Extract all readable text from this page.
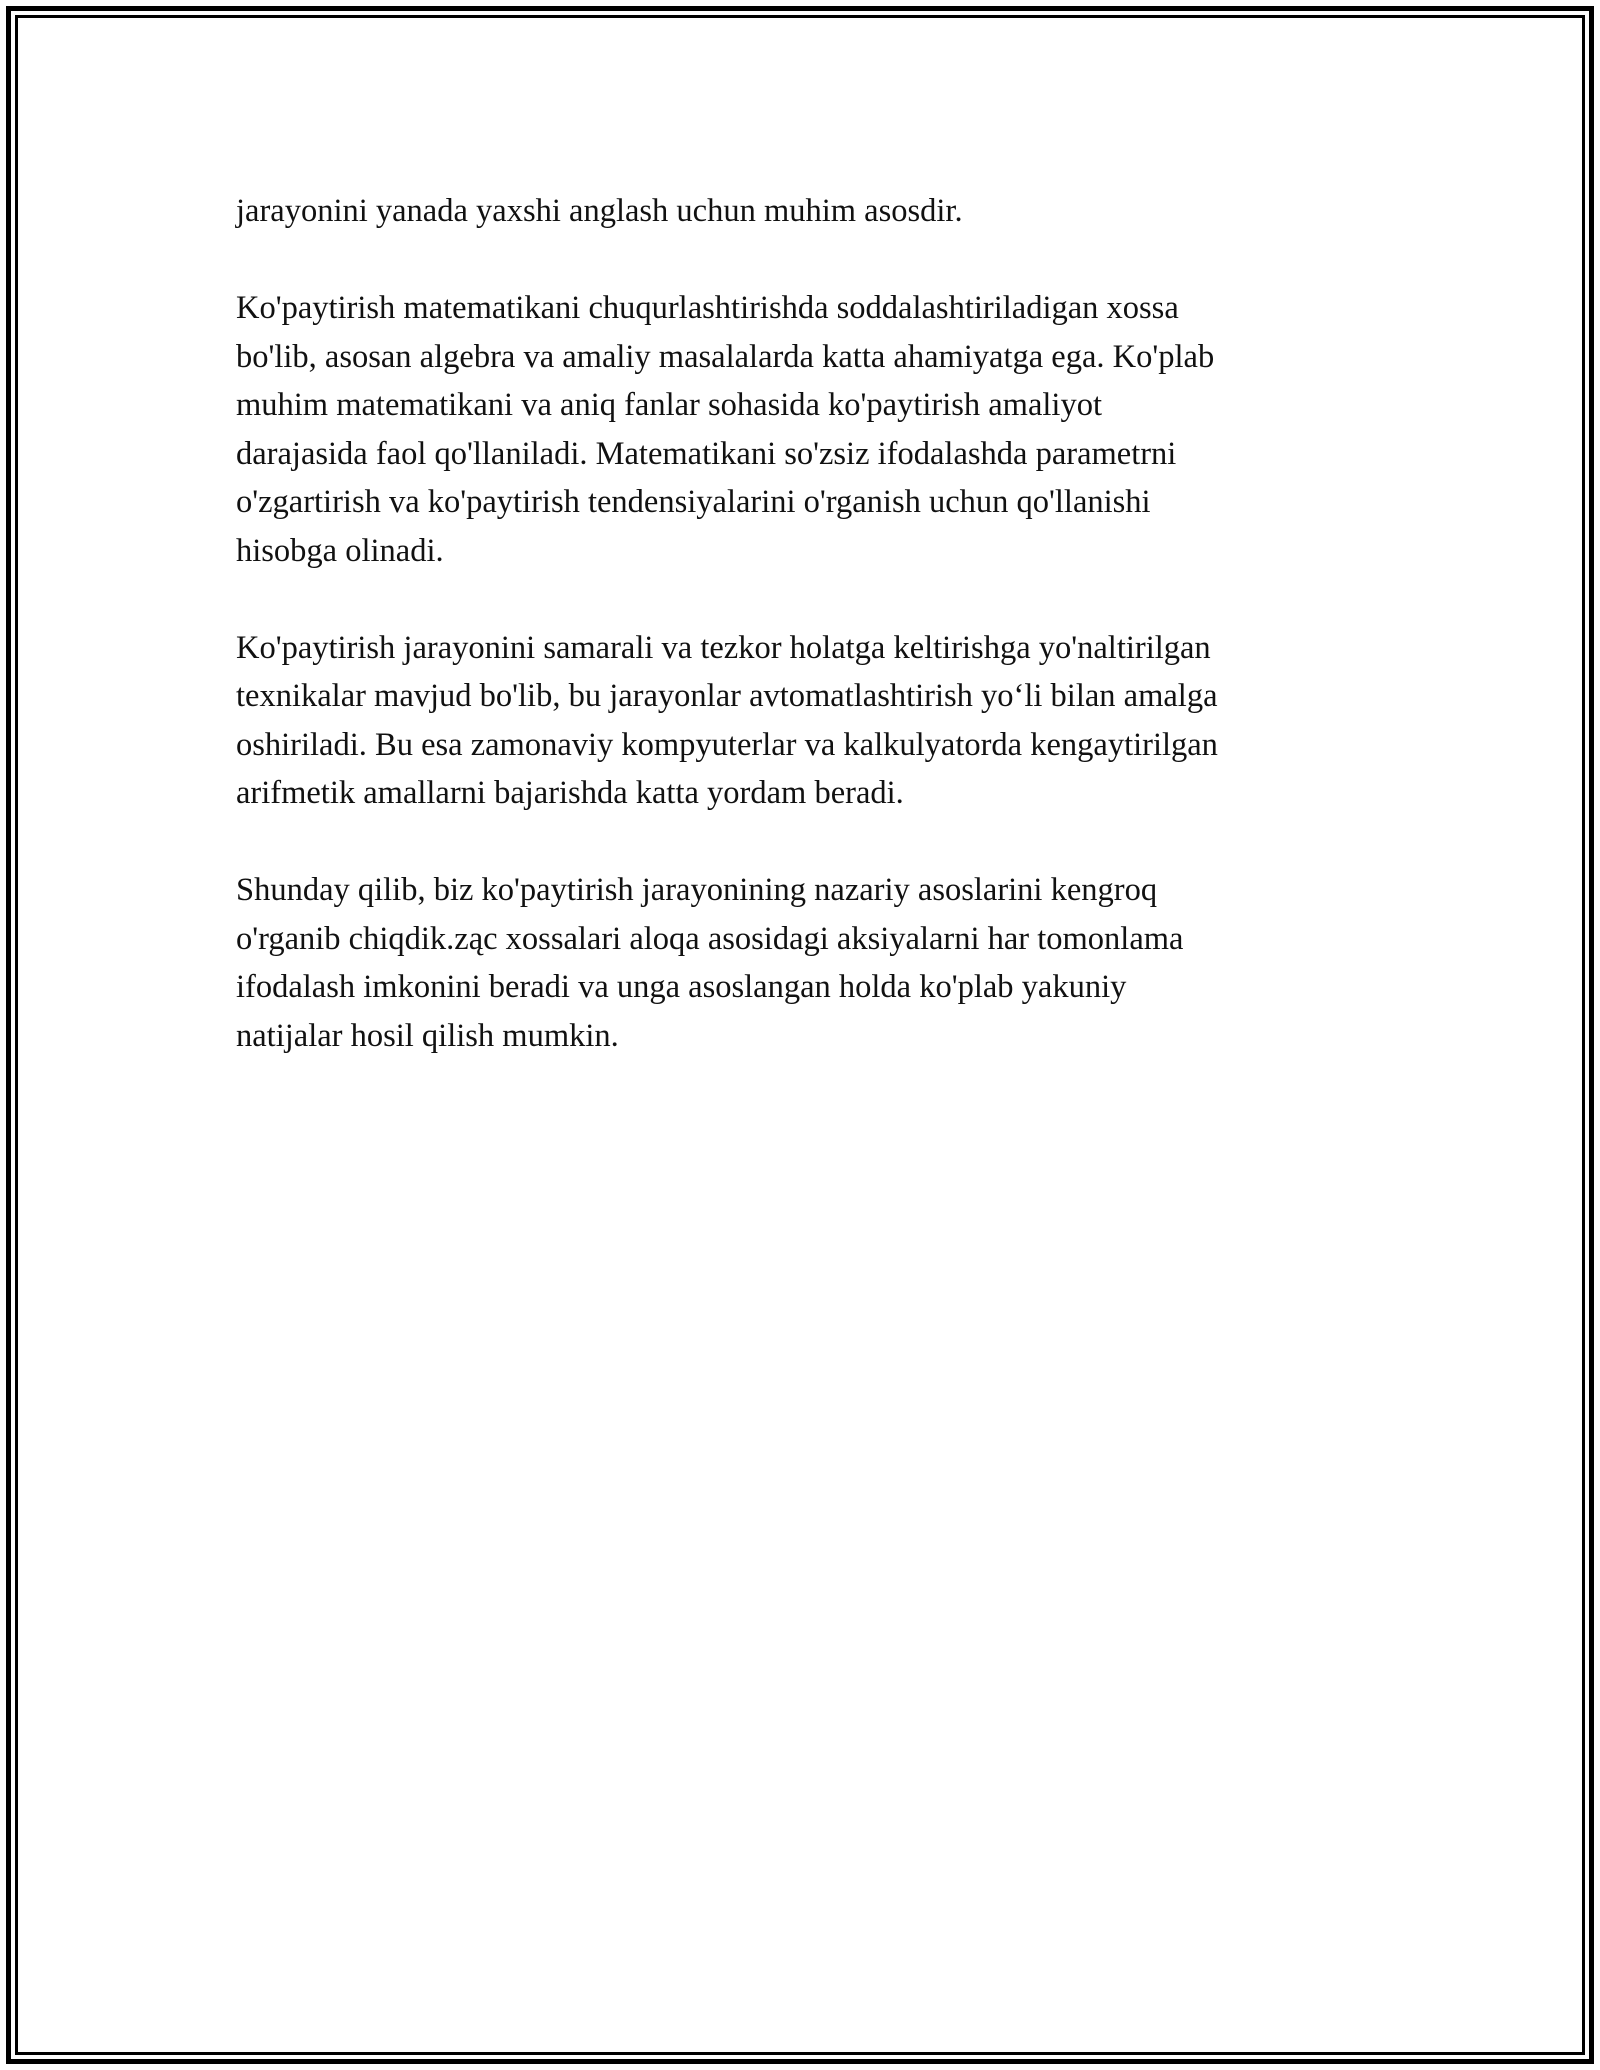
jarayonini yanada yaxshi anglash uchun muhim asosdir.

Ko'paytirish matematikani chuqurlashtirishda soddalashtiriladigan xossa
bo'lib, asosan algebra va amaliy masalalarda katta ahamiyatga ega. Ko'plab
muhim matematikani va aniq fanlar sohasida ko'paytirish amaliyot
darajasida faol qo'llaniladi. Matematikani so'zsiz ifodalashda parametrni
o'zgartirish va ko'paytirish tendensiyalarini o'rganish uchun qo'llanishi
hisobga olinadi.

Ko'paytirish jarayonini samarali va tezkor holatga keltirishga yo'naltirilgan
texnikalar mavjud bo'lib, bu jarayonlar avtomatlashtirish yo‘li bilan amalga
oshiriladi. Bu esa zamonaviy kompyuterlar va kalkulyatorda kengaytirilgan
arifmetik amallarni bajarishda katta yordam beradi.

Shunday qilib, biz ko'paytirish jarayonining nazariy asoslarini kengroq
o'rganib chiqdik.ząc xossalari aloqa asosidagi aksiyalarni har tomonlama
ifodalash imkonini beradi va unga asoslangan holda ko'plab yakuniy
natijalar hosil qilish mumkin.
